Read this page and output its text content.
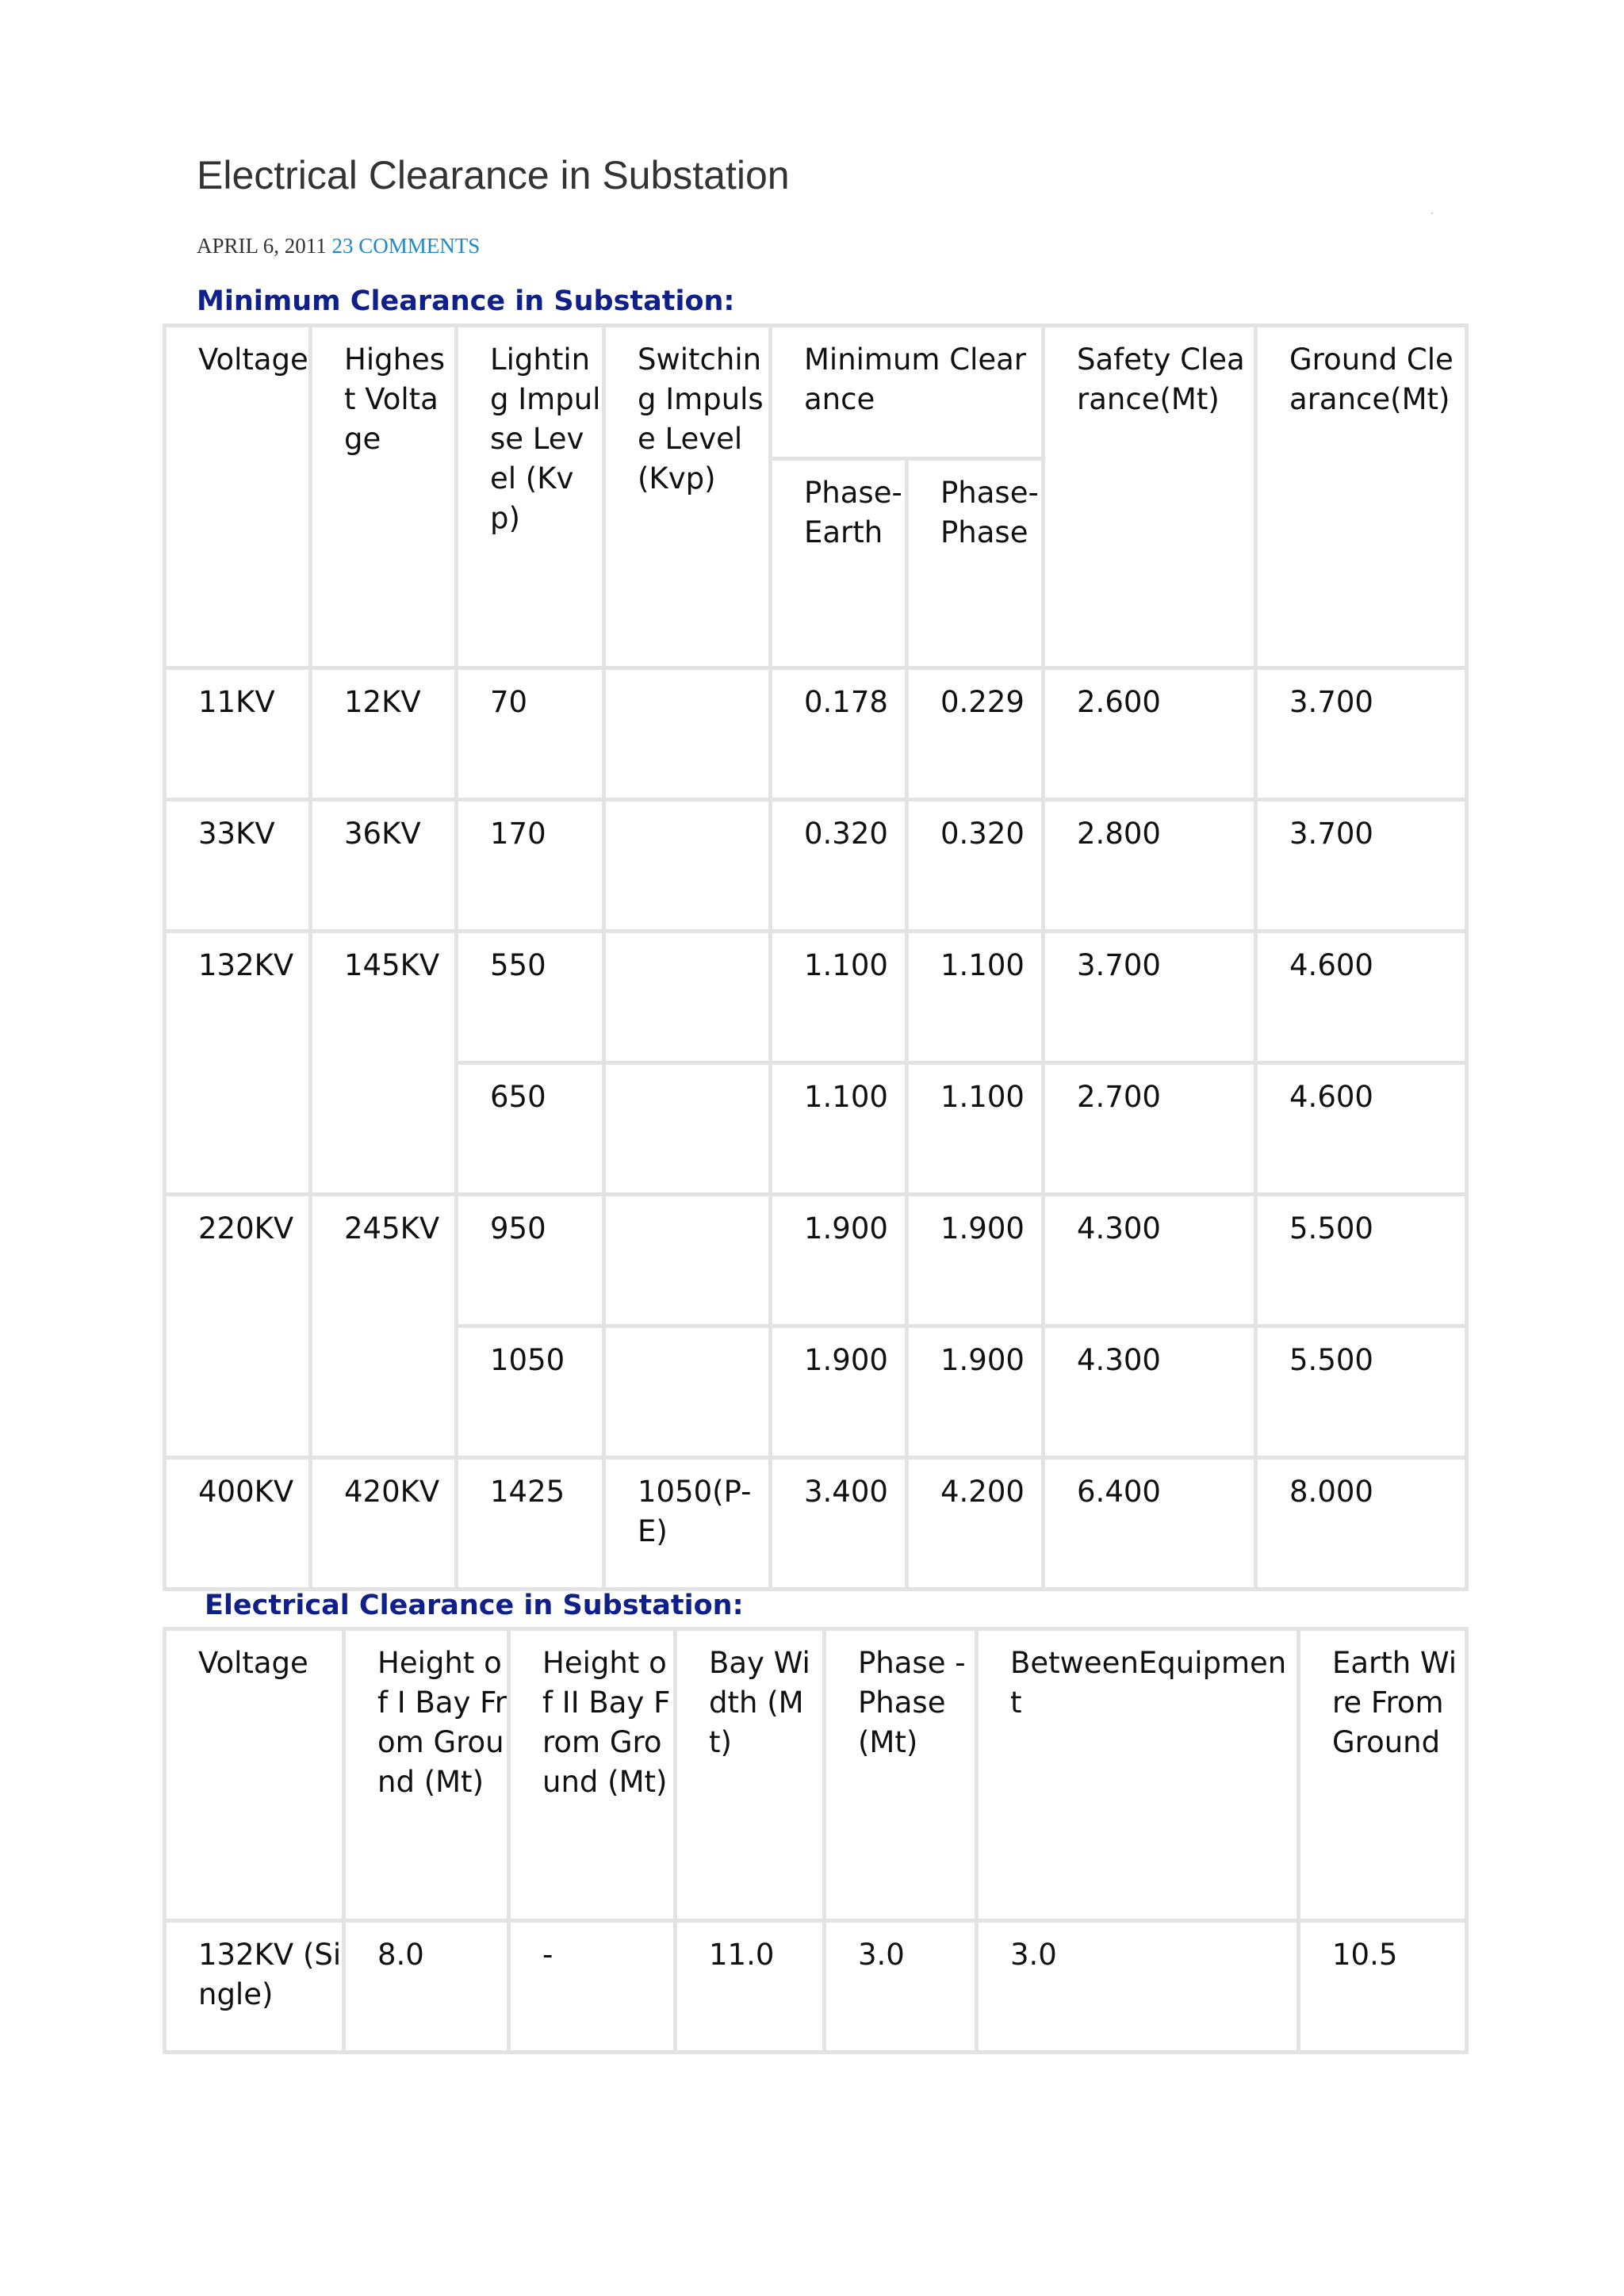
Electrical Clearance in Substation
APRIL 6, 2011 23 COMMENTS
Minimum Clearance in Substation:
Voltage	Highest Voltage	Lighting Impulse Level (Kvp)	Switching Impulse Level (Kvp)	Minimum Clearance		Safety Clearance(Mt)	Ground Clearance(Mt)
				Phase-Earth	Phase-Phase		
11KV	12KV	70		0.178	0.229	2.600	3.700
33KV	36KV	170		0.320	0.320	2.800	3.700
132KV	145KV	550		1.100	1.100	3.700	4.600
		650		1.100	1.100	2.700	4.600
220KV	245KV	950		1.900	1.900	4.300	5.500
		1050		1.900	1.900	4.300	5.500
400KV	420KV	1425	1050(P-E)	3.400	4.200	6.400	8.000
Electrical Clearance in Substation:
Voltage	Height of I Bay From Ground (Mt)	Height of II Bay From Ground (Mt)	Bay Width (Mt)	Phase - Phase (Mt)	BetweenEquipment	Earth Wire From Ground
132KV (Single)	8.0	-	11.0	3.0	3.0	10.5
